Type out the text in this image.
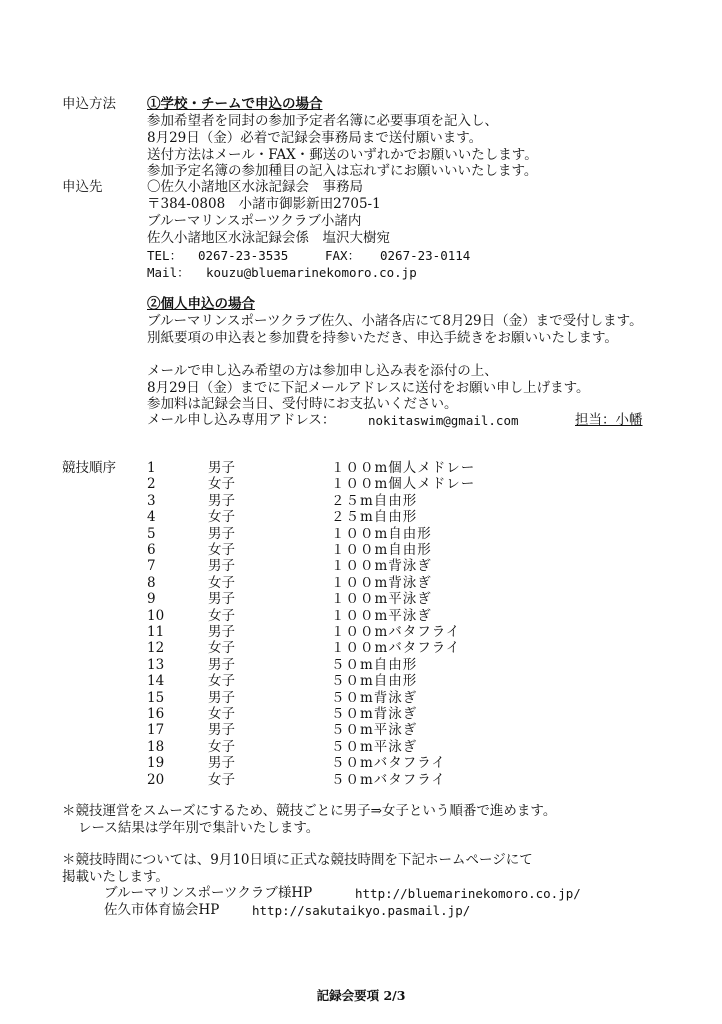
申込方法 ①学校・チームで申込の場合
参加希望者を同封の参加予定者名簿に必要事項を記入し、
8月29日（金）必着で記録会事務局まで送付願います。
送付方法はメール・FAX・郵送のいずれかでお願いいたします。
参加予定名簿の参加種目の記入は忘れずにお願いいいたします。
申込先	〇佐久小諸地区水泳記録会　事務局
〒384-0808　小諸市御影新田2705-1
ブルーマリンスポーツクラブ小諸内
佐久小諸地区水泳記録会係　塩沢大樹宛
TEL： 0267-23-3535	FAX： 0267-23-0114
Mail： kouzu@bluemarinekomoro.co.jp
②個人申込の場合
ブルーマリンスポーツクラブ佐久、小諸各店にて8月29日（金）まで受付します。
別紙要項の申込表と参加費を持参いただき、申込手続きをお願いいたします。
メールで申し込み希望の方は参加申し込み表を添付の上、
8月29日（金）までに下記メールアドレスに送付をお願い申し上げます。
参加料は記録会当日、受付時にお支払いください。
メール申し込み専用アドレス：	nokitaswim@gmail.com	担当：小幡
競技順序 1	男子	１００m個人メドレー
2	女子	１００m個人メドレー
3	男子	２５m自由形
4	女子	２５m自由形
5	男子	１００m自由形
6	女子	１００m自由形
7	男子	１００m背泳ぎ
8	女子	１００m背泳ぎ
9	男子	１００m平泳ぎ
10	女子	１００m平泳ぎ
11	男子	１００mバタフライ
12	女子	１００mバタフライ
13	男子	５０m自由形
14	女子	５０m自由形
15	男子	５０m背泳ぎ
16	女子	５０m背泳ぎ
17	男子	５０m平泳ぎ
18	女子	５０m平泳ぎ
19	男子	５０mバタフライ
20	女子	５０mバタフライ
＊競技運営をスムーズにするため、競技ごとに男子⇒女子という順番で進めます。
レース結果は学年別で集計いたします。
＊競技時間については、9月10日頃に正式な競技時間を下記ホームページにて
掲載いたします。
ブルーマリンスポーツクラブ様HP	http://bluemarinekomoro.co.jp/
佐久市体育協会HP	http://sakutaikyo.pasmail.jp/
記録会要項 2/3
